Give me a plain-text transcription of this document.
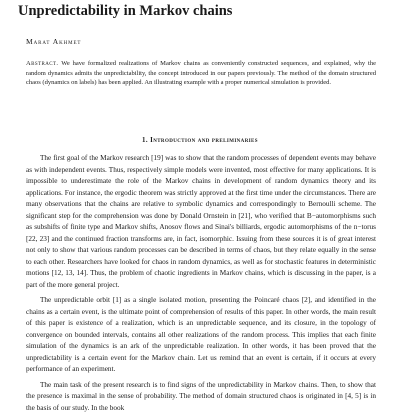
Unpredictability in Markov chains
Marat Akhmet

Abstract. We have formalized realizations of Markov chains as conveniently constructed sequences, and explained, why the random dynamics admits the unpredictability, the concept introduced in our papers previously. The method of the domain structured chaos (dynamics on labels) has been applied. An illustrating example with a proper numerical simulation is provided.

1. Introduction and preliminaries

The first goal of the Markov research [19] was to show that the random processes of dependent events may behave as with independent events. Thus, respectively simple models were invented, most effective for many applications. It is impossible to underestimate the role of the Markov chains in development of random dynamics theory and its applications. For instance, the ergodic theorem was strictly approved at the first time under the circumstances. There are many observations that the chains are relative to symbolic dynamics and correspondingly to Bernoulli scheme. The significant step for the comprehension was done by Donald Ornstein in [21], who verified that B−automorphisms such as subshifts of finite type and Markov shifts, Anosov flows and Sinai's billiards, ergodic automorphisms of the n−torus [22, 23] and the continued fraction transforms are, in fact, isomorphic. Issuing from these sources it is of great interest not only to show that various random processes can be described in terms of chaos, but they relate equally in the sense to each other. Researchers have looked for chaos in random dynamics, as well as for stochastic features in deterministic motions [12, 13, 14]. Thus, the problem of chaotic ingredients in Markov chains, which is discussing in the paper, is a part of the more general project.

The unpredictable orbit [1] as a single isolated motion, presenting the Poincaré chaos [2], and identified in the chains as a certain event, is the ultimate point of comprehension of results of this paper. In other words, the main result of this paper is existence of a realization, which is an unpredictable sequence, and its closure, in the topology of convergence on bounded intervals, contains all other realizations of the random process. This implies that each finite simulation of the dynamics is an ark of the unpredictable realization. In other words, it has been proved that the unpredictability is a certain event for the Markov chain. Let us remind that an event is certain, if it occurs at every performance of an experiment.

The main task of the present research is to find signs of the unpredictability in Markov chains. Then, to show that the presence is maximal in the sense of probability. The method of domain structured chaos is originated in [4, 5] is in the basis of our study. In the book
